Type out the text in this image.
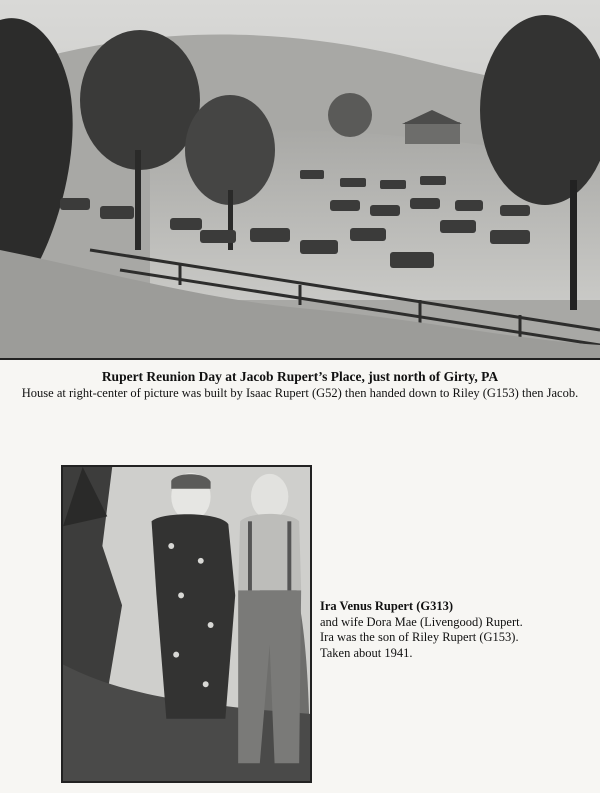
Rupert Reunion Day at Jacob Rupert’s Place, just north of Girty, PA
House at right-center of picture was built by Isaac Rupert (G52) then handed down to Riley (G153) then Jacob.
Ira Venus Rupert (G313)
and wife Dora Mae (Livengood) Rupert.
Ira was the son of Riley Rupert (G153).
Taken about 1941.
